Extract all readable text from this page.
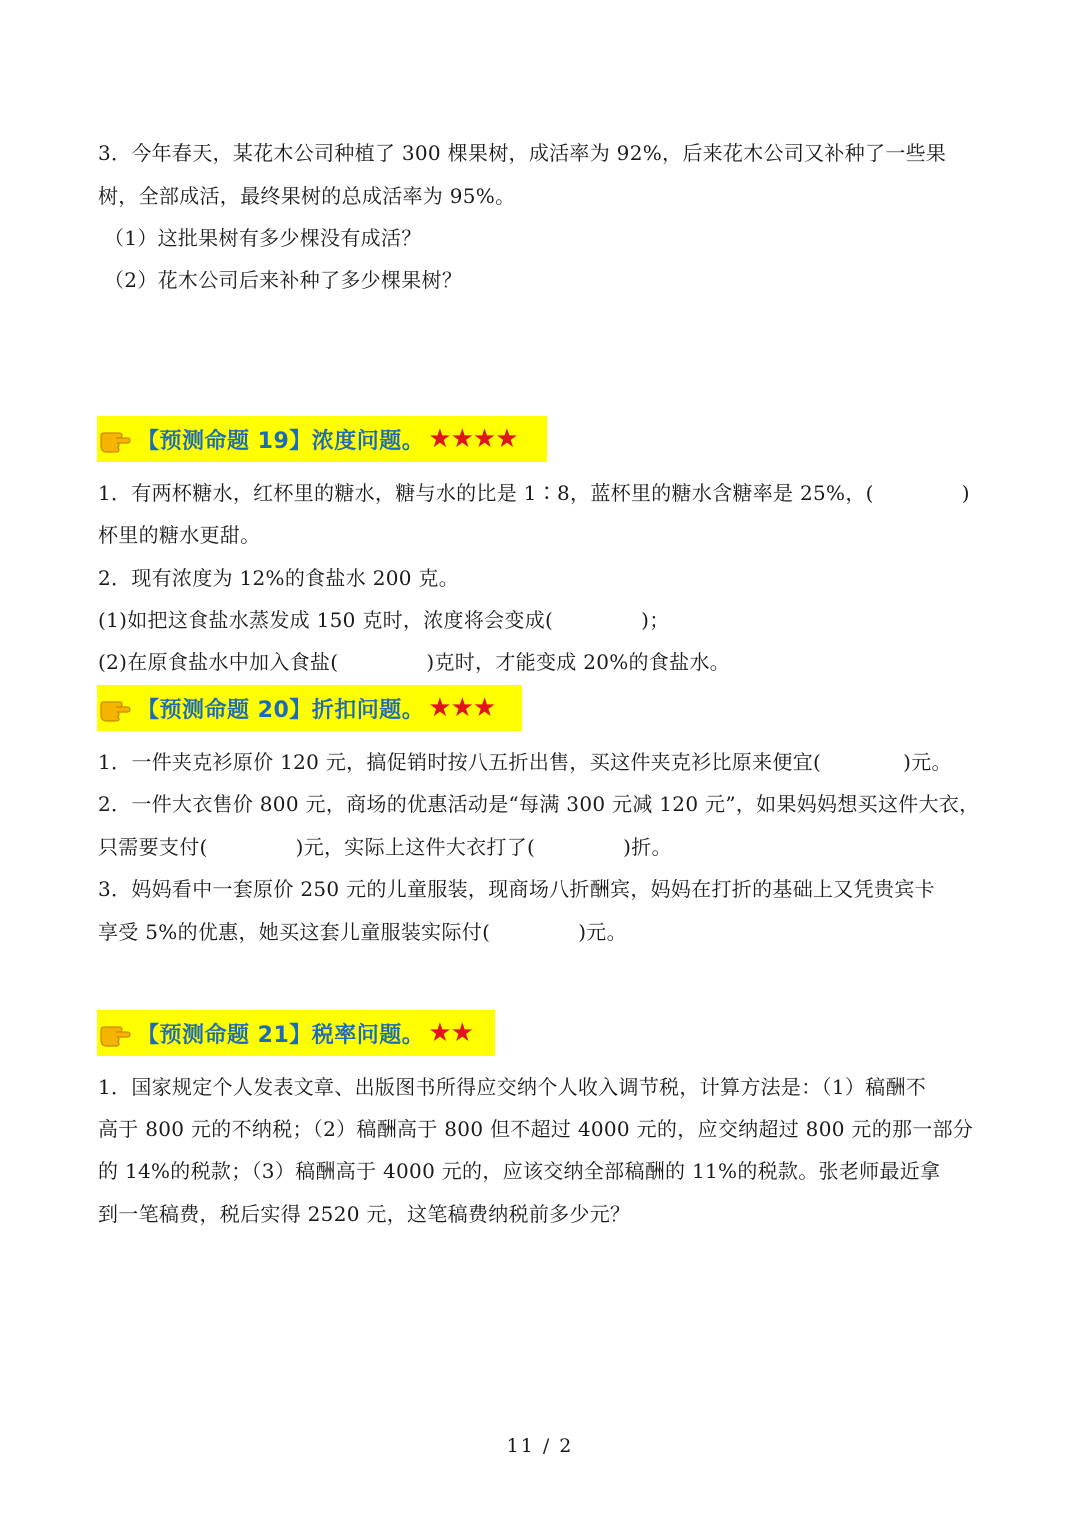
3．今年春天，某花木公司种植了 300 棵果树，成活率为 92%，后来花木公司又补种了一些果
树，全部成活，最终果树的总成活率为 95%。
（1）这批果树有多少棵没有成活？
（2）花木公司后来补种了多少棵果树？
【预测命题 19】浓度问题。 ★★★★
1．有两杯糖水，红杯里的糖水，糖与水的比是 1∶8，蓝杯里的糖水含糖率是 25%，(	)
杯里的糖水更甜。
2．现有浓度为 12%的食盐水 200 克。
(1)如把这食盐水蒸发成 150 克时，浓度将会变成(	)；
(2)在原食盐水中加入食盐(	)克时，才能变成 20%的食盐水。
【预测命题 20】折扣问题。 ★★★
1．一件夹克衫原价 120 元，搞促销时按八五折出售，买这件夹克衫比原来便宜(	)元。
2．一件大衣售价 800 元，商场的优惠活动是“每满 300 元减 120 元”，如果妈妈想买这件大衣，
只需要支付(	)元，实际上这件大衣打了(	)折。
3．妈妈看中一套原价 250 元的儿童服装，现商场八折酬宾，妈妈在打折的基础上又凭贵宾卡
享受 5%的优惠，她买这套儿童服装实际付(	)元。
【预测命题 21】税率问题。 ★★
1．国家规定个人发表文章、出版图书所得应交纳个人收入调节税，计算方法是：（1）稿酬不
高于 800 元的不纳税；（2）稿酬高于 800 但不超过 4000 元的，应交纳超过 800 元的那一部分
的 14%的税款；（3）稿酬高于 4000 元的，应该交纳全部稿酬的 11%的税款。张老师最近拿
到一笔稿费，税后实得 2520 元，这笔稿费纳税前多少元？
11 / 2
